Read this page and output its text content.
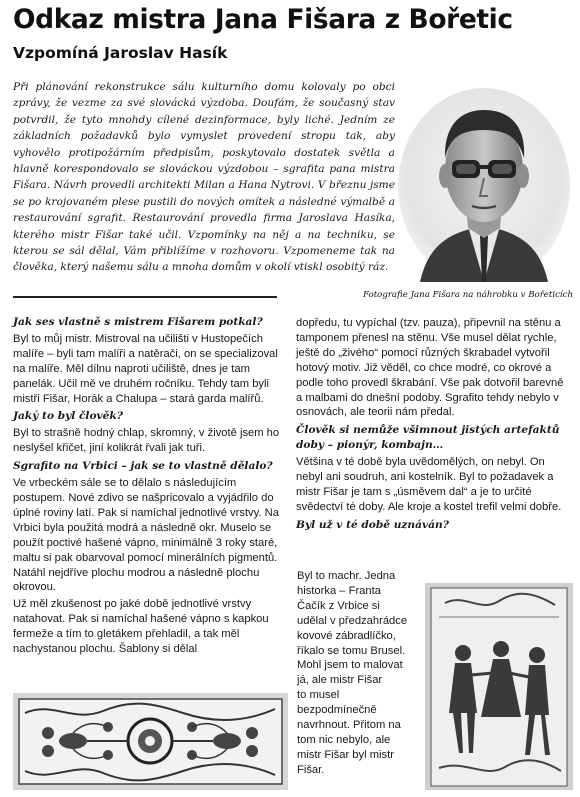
Odkaz mistra Jana Fišara z Bořetic
Vzpomíná Jaroslav Hasík
Při plánování rekonstrukce sálu kulturního domu kolovaly po obci zprávy, že vezme za své slovácká výzdoba. Doufám, že současný stav potvrdil, že tyto mnohdy cílené dezinformace, byly liché. Jedním ze základních požadavků bylo vymyslet provedení stropu tak, aby vyhovělo protipožárním předpisům, poskytovalo dostatek světla a hlavně korespondovalo se slováckou výzdobou – sgrafita pana mistra Fišara. Návrh provedli architekti Milan a Hana Nytrovi. V březnu jsme se po krojovaném plese pustili do nových omítek a následné výmalbě a restaurování sgrafit. Restaurování provedla firma Jaroslava Hasíka, kterého mistr Fišar také učil. Vzpomínky na něj a na techniku, se kterou se sál dělal, Vám přiblížíme v rozhovoru. Vzpomeneme tak na člověka, který našemu sálu a mnoha domům v okolí vtiskl osobitý ráz.
Fotografie Jana Fišara na náhrobku v Bořeticích
Jak ses vlastně s mistrem Fišarem potkal?

Byl to můj mistr. Mistroval na učilišti v Hustopečích malíře – byli tam malíři a natěrači, on se specializoval na malíře. Měl dílnu naproti učiliště, dnes je tam panelák. Učil mě ve druhém ročníku. Tehdy tam byli mistři Fišar, Horák a Chalupa – stará garda malířů.

Jaký to byl člověk?

Byl to strašně hodný chlap, skromný, v životě jsem ho neslyšel křičet, jiní kolikrát řvali jak tuři.

Sgrafito na Vrbici – jak se to vlastně dělalo?

Ve vrbeckém sále se to dělalo s následujícím postupem. Nové zdivo se našpricovalo a vyjádřilo do úplné roviny latí. Pak si namíchal jednotlivé vrstvy. Na Vrbici byla použitá modrá a následně okr. Muselo se použít poctivé hašené vápno, minimálně 3 roky staré, maltu si pak obarvoval pomocí minerálních pigmentů. Natáhl nejdříve plochu modrou a následně plochu okrovou.

Už měl zkušenost po jaké době jednotlivé vrstvy natahovat. Pak si namíchal hašené vápno s kapkou fermeže a tím to gletákem přehladil, a tak měl nachystanou plochu. Šablony si dělal

dopředu, tu vypíchal (tzv. pauza), připevnil na stěnu a tamponem přenesl na stěnu. Vše musel dělat rychle, ještě do „živého“ pomocí různých škrabadel vytvořil hotový motiv. Již věděl, co chce modré, co okrové a podle toho provedl škrabání. Vše pak dotvořil barevně a malbami do dnešní podoby. Sgrafito tehdy nebylo v osnovách, ale teorii nám předal.

Člověk si nemůže všimnout jistých artefaktů doby – pionýr, kombajn…

Většina v té době byla uvědomělých, on nebyl. On nebyl ani soudruh, ani kostelník. Byl to požadavek a mistr Fišar je tam s „úsměvem dal“ a je to určité svědectví té doby. Ale kroje a kostel trefil velmi dobře.

Byl už v té době uznáván?

Byl to machr. Jedna

historka – Franta

Čačík z Vrbice si

udělal v předzahrádce

kovové zábradlíčko,

říkalo se tomu Brusel.

Mohl jsem to malovat

já, ale mistr Fišar

to musel

bezpodmínečně

navrhnout. Přitom na

tom nic nebylo, ale

mistr Fišar byl mistr

Fišar.
